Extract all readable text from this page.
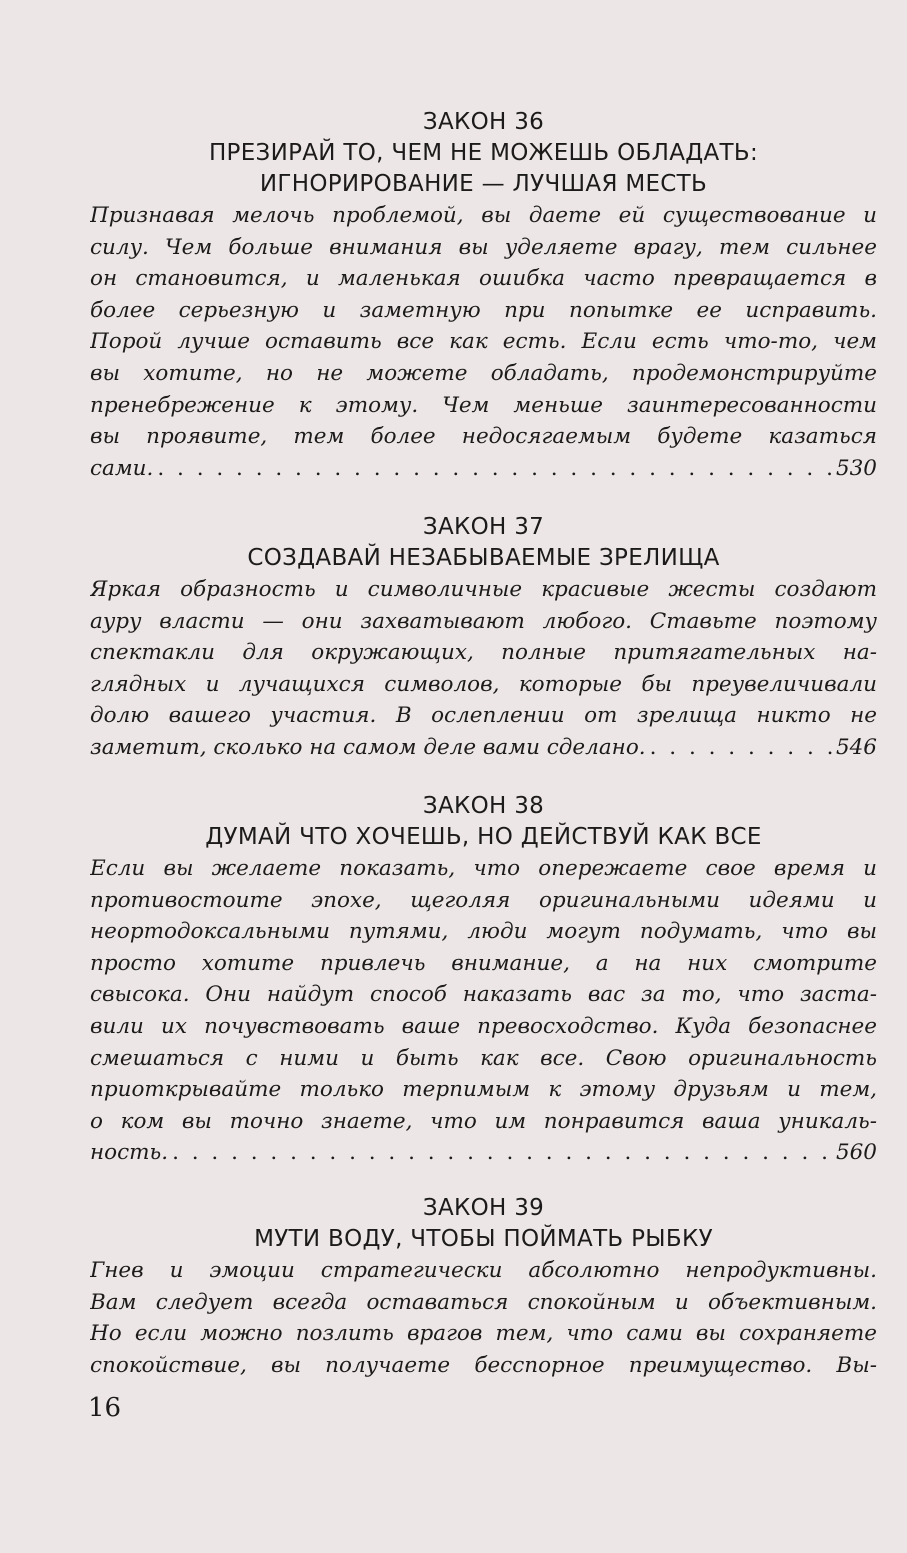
ЗАКОН 36
ПРЕЗИРАЙ ТО, ЧЕМ НЕ МОЖЕШЬ ОБЛАДАТЬ:
ИГНОРИРОВАНИЕ — ЛУЧШАЯ МЕСТЬ
Признавая мелочь проблемой, вы даете ей существование и
силу. Чем больше внимания вы уделяете врагу, тем сильнее
он становится, и маленькая ошибка часто превращается в
более серьезную и заметную при попытке ее исправить.
Порой лучше оставить все как есть. Если есть что-то, чем
вы хотите, но не можете обладать, продемонстрируйте
пренебрежение к этому. Чем меньше заинтересованности
вы проявите, тем более недосягаемым будете казаться
сами. . . .	530
ЗАКОН 37
СОЗДАВАЙ НЕЗАБЫВАЕМЫЕ ЗРЕЛИЩА
Яркая образность и символичные красивые жесты создают
ауру власти — они захватывают любого. Ставьте поэтому
спектакли для окружающих, полные притягательных на-
глядных и лучащихся символов, которые бы преувеличивали
долю вашего участия. В ослеплении от зрелища никто не
заметит, сколько на самом деле вами сделано. . . .	546
ЗАКОН 38
ДУМАЙ ЧТО ХОЧЕШЬ, НО ДЕЙСТВУЙ КАК ВСЕ
Если вы желаете показать, что опережаете свое время и
противостоите эпохе, щеголяя оригинальными идеями и
неортодоксальными путями, люди могут подумать, что вы
просто хотите привлечь внимание, а на них смотрите
свысока. Они найдут способ наказать вас за то, что заста-
вили их почувствовать ваше превосходство. Куда безопаснее
смешаться с ними и быть как все. Свою оригинальность
приоткрывайте только терпимым к этому друзьям и тем,
о ком вы точно знаете, что им понравится ваша уникаль-
ность. . . .	560
ЗАКОН 39
МУТИ ВОДУ, ЧТОБЫ ПОЙМАТЬ РЫБКУ
Гнев и эмоции стратегически абсолютно непродуктивны.
Вам следует всегда оставаться спокойным и объективным.
Но если можно позлить врагов тем, что сами вы сохраняете
спокойствие, вы получаете бесспорное преимущество. Вы-
16
